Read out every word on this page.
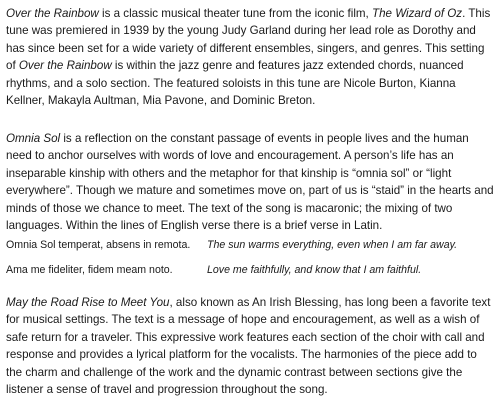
Over the Rainbow is a classic musical theater tune from the iconic film, The Wizard of Oz. This tune was premiered in 1939 by the young Judy Garland during her lead role as Dorothy and has since been set for a wide variety of different ensembles, singers, and genres. This setting of Over the Rainbow is within the jazz genre and features jazz extended chords, nuanced rhythms, and a solo section. The featured soloists in this tune are Nicole Burton, Kianna Kellner, Makayla Aultman, Mia Pavone, and Dominic Breton.

Omnia Sol is a reflection on the constant passage of events in people lives and the human need to anchor ourselves with words of love and encouragement. A person’s life has an inseparable kinship with others and the metaphor for that kinship is “omnia sol” or “light everywhere”. Though we mature and sometimes move on, part of us is “staid” in the hearts and minds of those we chance to meet. The text of the song is macaronic; the mixing of two languages. Within the lines of English verse there is a brief verse in Latin.

Omnia Sol temperat, absens in remota. The sun warms everything, even when I am far away.
Ama me fideliter, fidem meam noto.	Love me faithfully, and know that I am faithful.

May the Road Rise to Meet You, also known as An Irish Blessing, has long been a favorite text for musical settings. The text is a message of hope and encouragement, as well as a wish of safe return for a traveler. This expressive work features each section of the choir with call and response and provides a lyrical platform for the vocalists. The harmonies of the piece add to the charm and challenge of the work and the dynamic contrast between sections give the listener a sense of travel and progression throughout the song.
